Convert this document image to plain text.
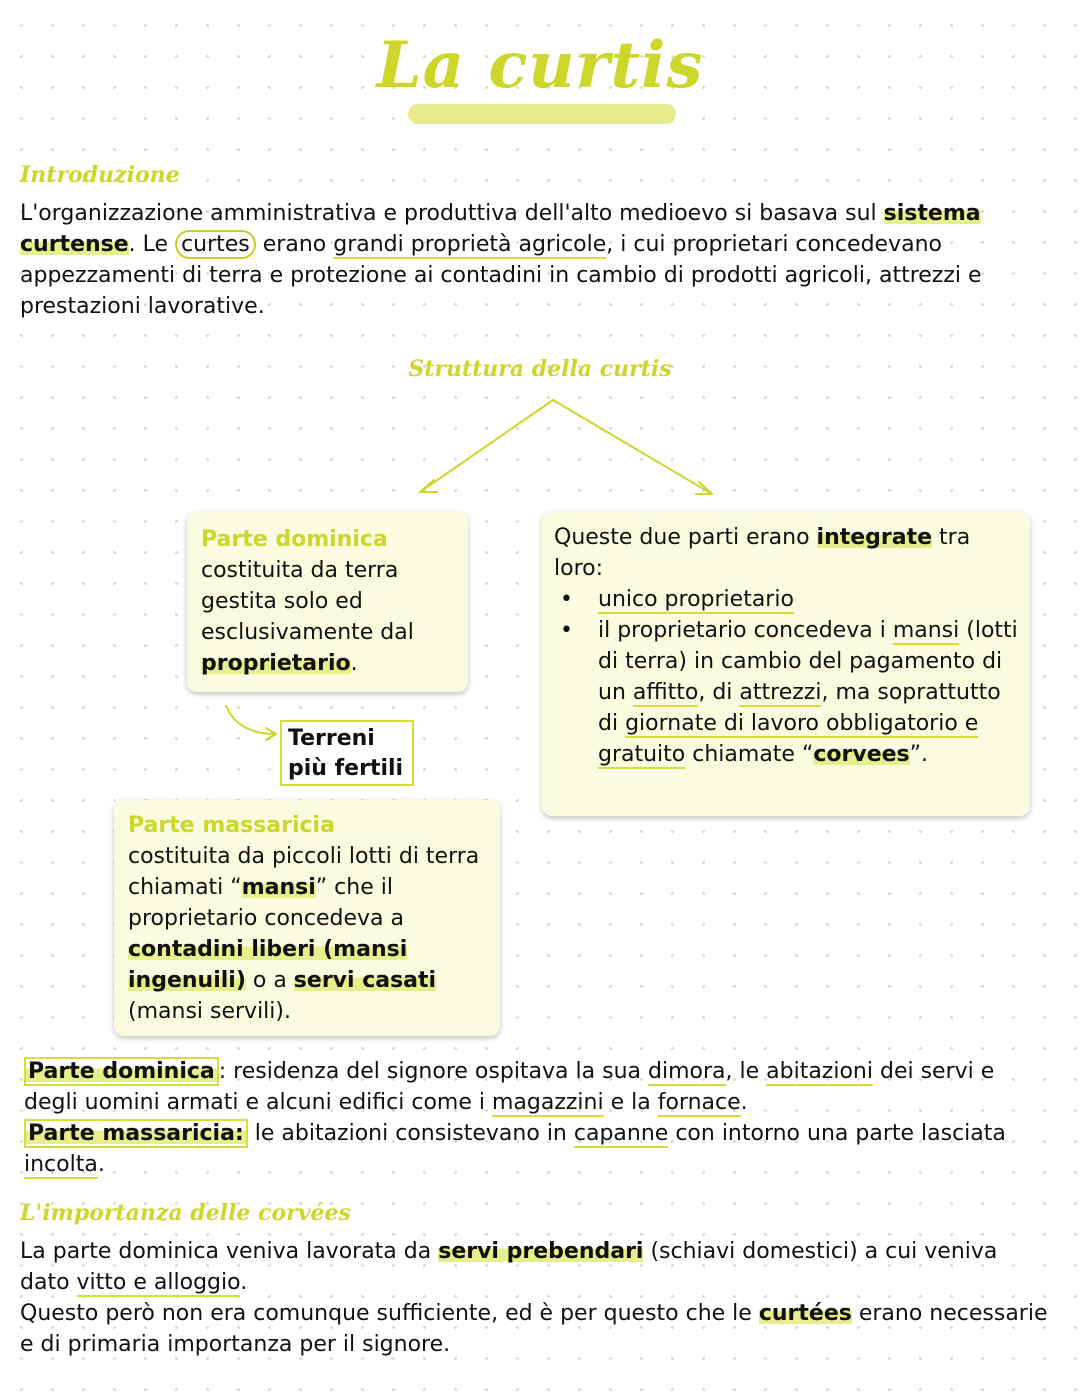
La curtis
Introduzione
L'organizzazione amministrativa e produttiva dell'alto medioevo si basava sul sistema curtense. Le curtes erano grandi proprietà agricole, i cui proprietari concedevano appezzamenti di terra e protezione ai contadini in cambio di prodotti agricoli, attrezzi e prestazioni lavorative.
Struttura della curtis
Parte dominica
costituita da terra gestita solo ed esclusivamente dal proprietario.
Terreni
più fertili
Parte massaricia
costituita da piccoli lotti di terra chiamati “mansi” che il proprietario concedeva a contadini liberi (mansi ingenuili) o a servi casati (mansi servili).
Queste due parti erano integrate tra loro:
• unico proprietario
• il proprietario concedeva i mansi (lotti di terra) in cambio del pagamento di un affitto, di attrezzi, ma soprattutto di giornate di lavoro obbligatorio e gratuito chiamate “corvees”.

Parte dominica : residenza del signore ospitava la sua dimora, le abitazioni dei servi e degli uomini armati e alcuni edifici come i magazzini e la fornace.

Parte massaricia: le abitazioni consistevano in capanne con intorno una parte lasciata incolta.

L'importanza delle corvées

La parte dominica veniva lavorata da servi prebendari (schiavi domestici) a cui veniva dato vitto e alloggio.

Questo però non era comunque sufficiente, ed è per questo che le curtées erano necessarie e di primaria importanza per il signore.
